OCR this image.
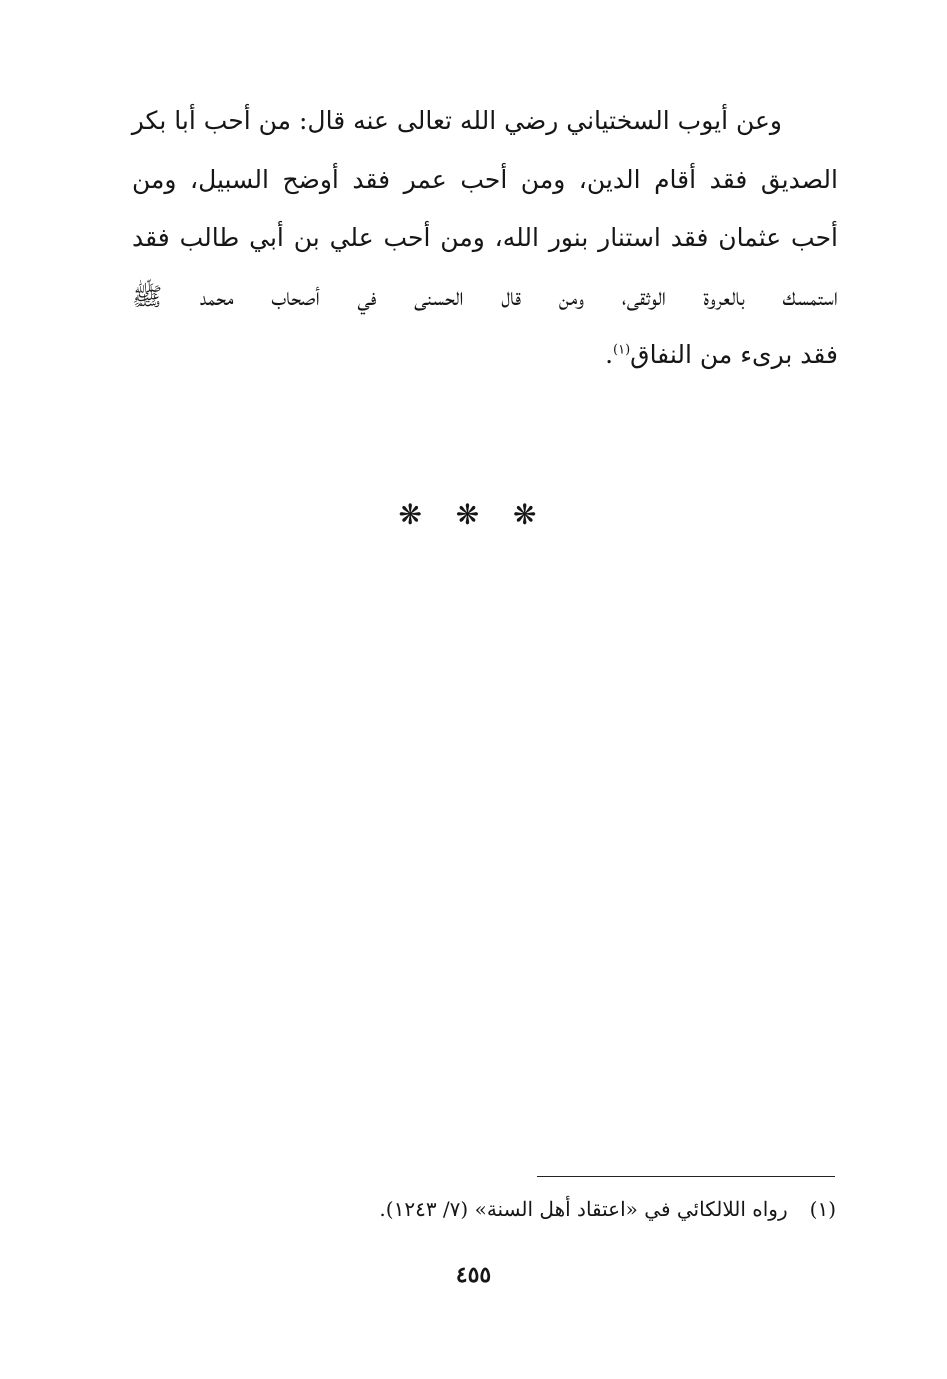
وعن أيوب السختياني رضي الله تعالى عنه قال: من أحب أبا بكر
الصديق فقد أقام الدين، ومن أحب عمر فقد أوضح السبيل، ومن
أحب عثمان فقد استنار بنور الله، ومن أحب علي بن أبي طالب فقد
استمسك بالعروة الوثقى، ومن قال الحسنى في أصحاب محمد ﷺ
فقد برىء من النفاق$^{(١)}$.
❋ ❋ ❋
(١)رواه اللالكائي في «اعتقاد أهل السنة» (٧/ ١٢٤٣).
٤٥٥
